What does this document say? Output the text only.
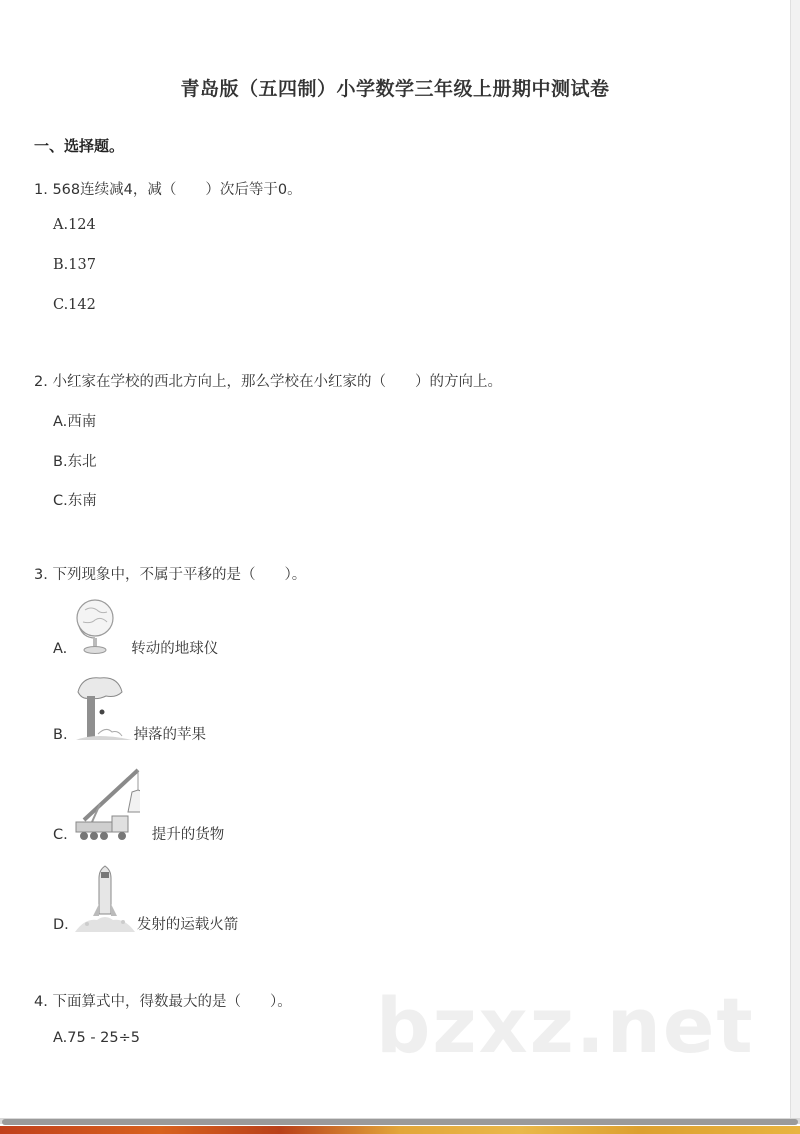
青岛版（五四制）小学数学三年级上册期中测试卷
一、选择题。
1. 568连续减4，减（　　）次后等于0。
A.124
B.137
C.142
2. 小红家在学校的西北方向上，那么学校在小红家的（　　）的方向上。
A.西南
B.东北
C.东南
3. 下列现象中，不属于平移的是（　　）。
A.	转动的地球仪
B.	掉落的苹果
C.	提升的货物
D.	发射的运载火箭
4. 下面算式中，得数最大的是（　　）。
A.75 - 25÷5	bzxz.net
